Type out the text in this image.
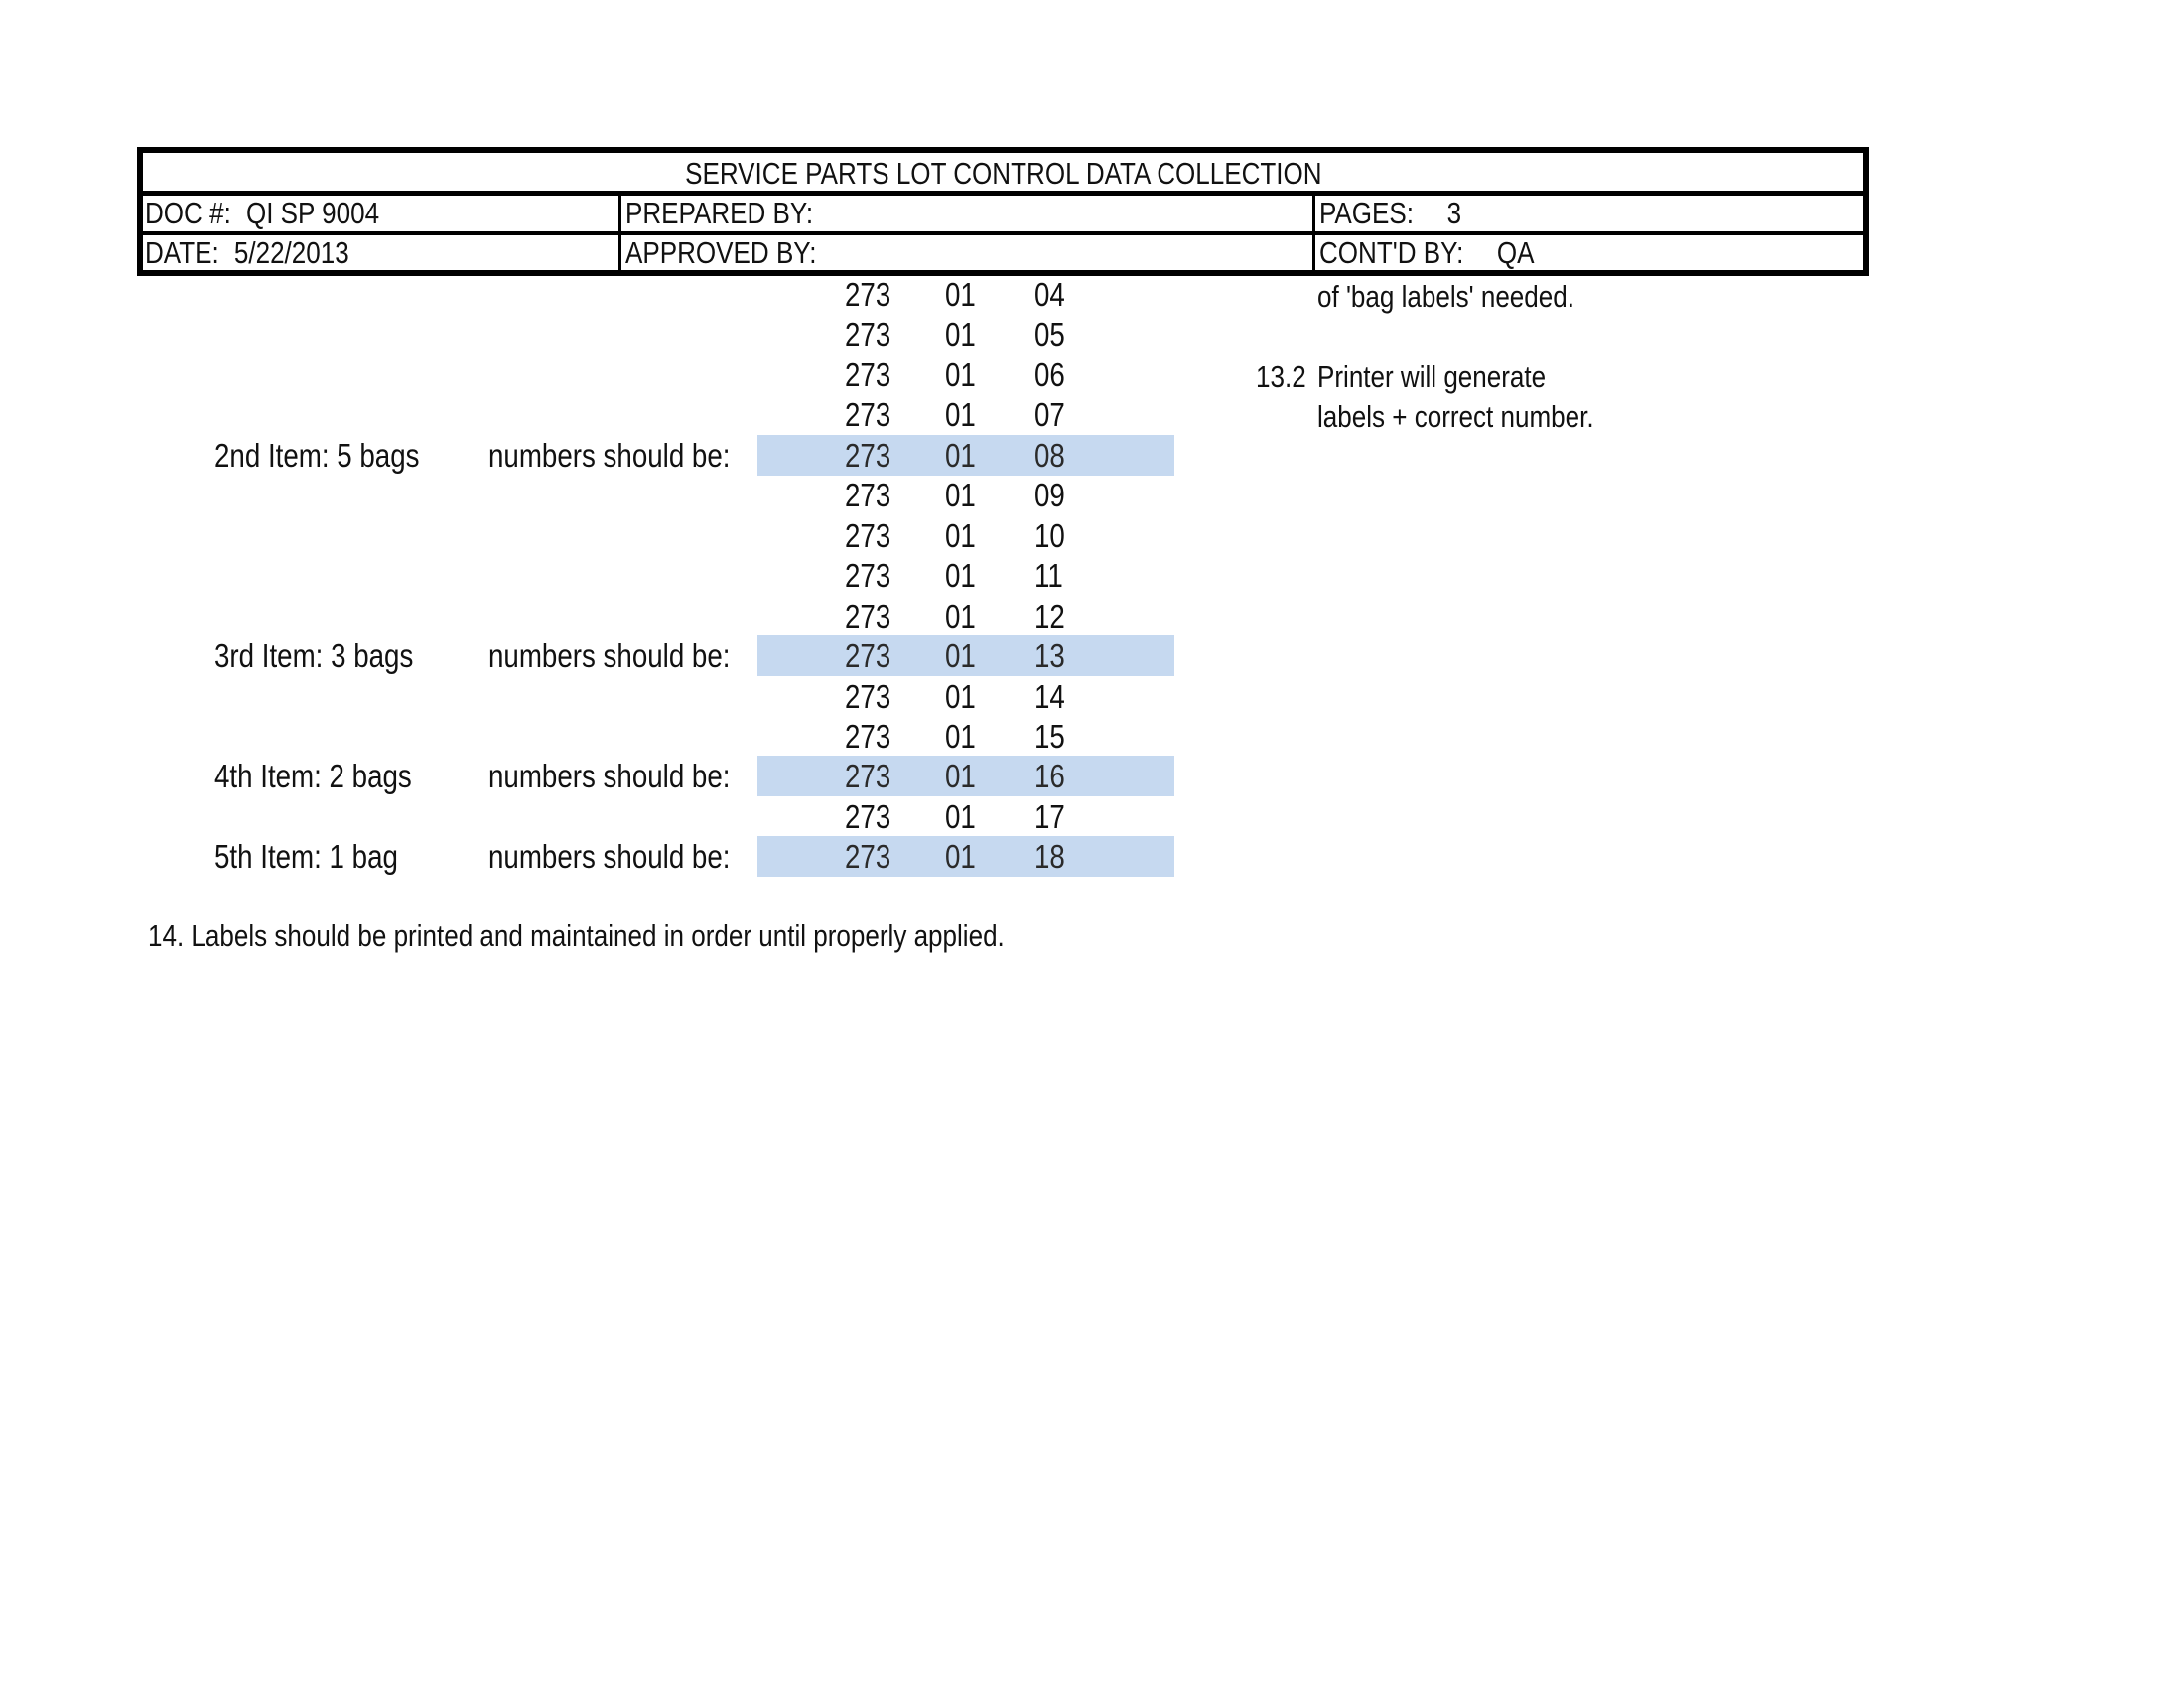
SERVICE PARTS LOT CONTROL DATA COLLECTION
DOC #: QI SP 9004	PREPARED BY:	PAGES: 3
DATE: 5/22/2013	APPROVED BY:	CONT'D BY: QA
273 01 04
273 01 05
273 01 06
273 01 07
2nd Item: 5 bags	numbers should be:	273 01 08
273 01 09
273 01 10
273 01 11
273 01 12
3rd Item: 3 bags	numbers should be:	273 01 13
273 01 14
273 01 15
4th Item: 2 bags	numbers should be:	273 01 16
273 01 17
5th Item: 1 bag	numbers should be:	273 01 18
of 'bag labels' needed.
13.2 Printer will generate
labels + correct number.
14. Labels should be printed and maintained in order until properly applied.
